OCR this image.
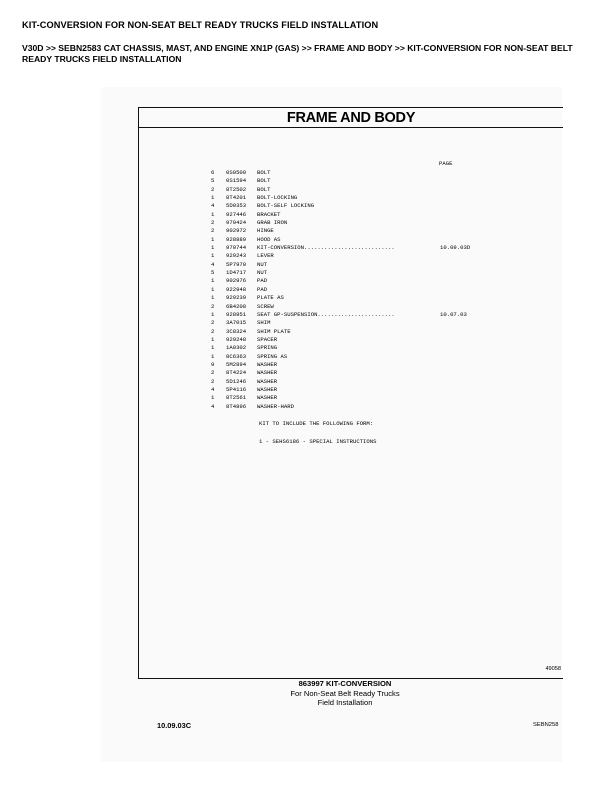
KIT-CONVERSION FOR NON-SEAT BELT READY TRUCKS FIELD INSTALLATION
V30D >> SEBN2583 CAT CHASSIS, MAST, AND ENGINE XN1P (GAS) >> FRAME AND BODY >> KIT-CONVERSION FOR NON-SEAT BELT READY TRUCKS FIELD INSTALLATION
FRAME AND BODY
PAGE
6	0S0509 BOLT
5	0S1594 BOLT
2	8T2502 BOLT
1	8T4201 BOLT-LOCKING
4	5D0353 BOLT-SELF LOCKING
1	927446 BRACKET
2	970424 GRAB IRON
2	902972 HINGE
1	928889 HOOD AS
1	970744 KIT-CONVERSION...........................	10.09.03D
1	929243 LEVER
4	5P7970 NUT
5	1D4717 NUT
1	902976 PAD
1	922948 PAD
1	929239 PLATE AS
2	6B4208 SCREW
1	928951 SEAT GP-SUSPENSION.......................	10.07.03
2	3A7015 SHIM
2	3C8324 SHIM PLATE
1	929248 SPACER
1	1A0302 SPRING
1	8C6363 SPRING AS
9	5M2894 WASHER
2	8T4224 WASHER
2	5D1246 WASHER
4	5P4116 WASHER
1	8T2561 WASHER
4	8T4896 WASHER-HARD
KIT TO INCLUDE THE FOLLOWING FORM:
1 - SEHS6186 - SPECIAL INSTRUCTIONS
49058
863997 KIT-CONVERSION
For Non-Seat Belt Ready Trucks
Field Installation
10.09.03C	SEBN258
